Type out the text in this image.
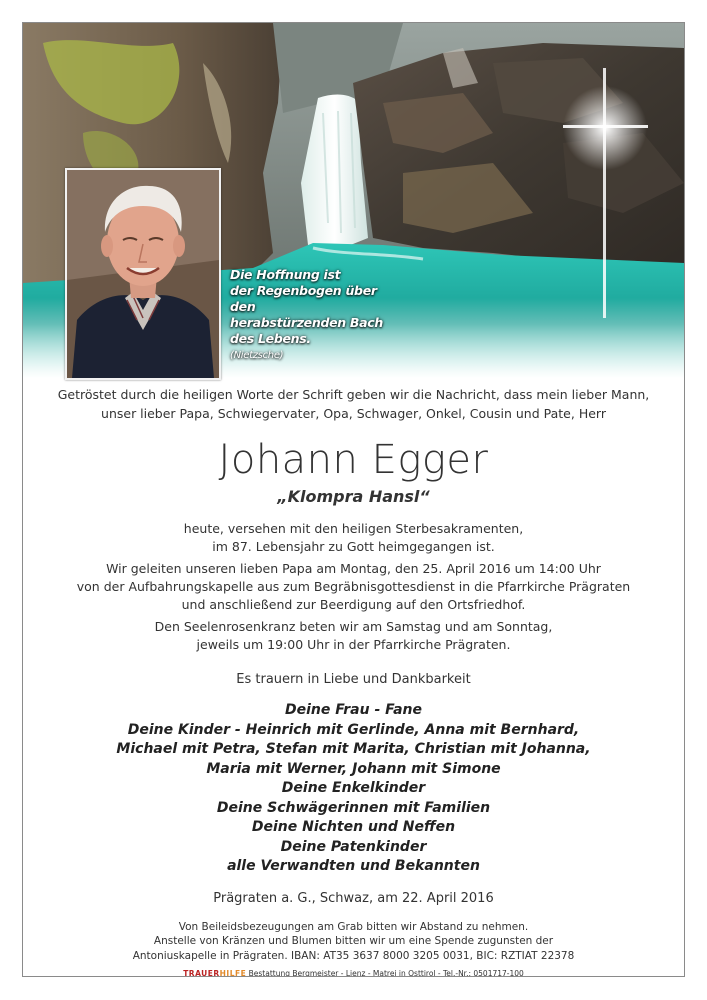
Die Hoffnung ist
der Regenbogen über den
herabstürzenden Bach
des Lebens.
(Nietzsche)
Getröstet durch die heiligen Worte der Schrift geben wir die Nachricht, dass mein lieber Mann,
unser lieber Papa, Schwiegervater, Opa, Schwager, Onkel, Cousin und Pate, Herr
Johann Egger
„Klompra Hansl“
heute, versehen mit den heiligen Sterbesakramenten,
im 87. Lebensjahr zu Gott heimgegangen ist.
Wir geleiten unseren lieben Papa am Montag, den 25. April 2016 um 14:00 Uhr
von der Aufbahrungskapelle aus zum Begräbnisgottesdienst in die Pfarrkirche Prägraten
und anschließend zur Beerdigung auf den Ortsfriedhof.
Den Seelenrosenkranz beten wir am Samstag und am Sonntag,
jeweils um 19:00 Uhr in der Pfarrkirche Prägraten.
Es trauern in Liebe und Dankbarkeit
Deine Frau - Fane
Deine Kinder - Heinrich mit Gerlinde, Anna mit Bernhard,
Michael mit Petra, Stefan mit Marita, Christian mit Johanna,
Maria mit Werner, Johann mit Simone
Deine Enkelkinder
Deine Schwägerinnen mit Familien
Deine Nichten und Neffen
Deine Patenkinder
alle Verwandten und Bekannten
Prägraten a. G., Schwaz, am 22. April 2016
Von Beileidsbezeugungen am Grab bitten wir Abstand zu nehmen.
Anstelle von Kränzen und Blumen bitten wir um eine Spende zugunsten der
Antoniuskapelle in Prägraten. IBAN: AT35 3637 8000 3205 0031, BIC: RZTIAT 22378
TRAUERHILFE Bestattung Bergmeister - Lienz - Matrei in Osttirol - Tel.-Nr.: 0501717-100
